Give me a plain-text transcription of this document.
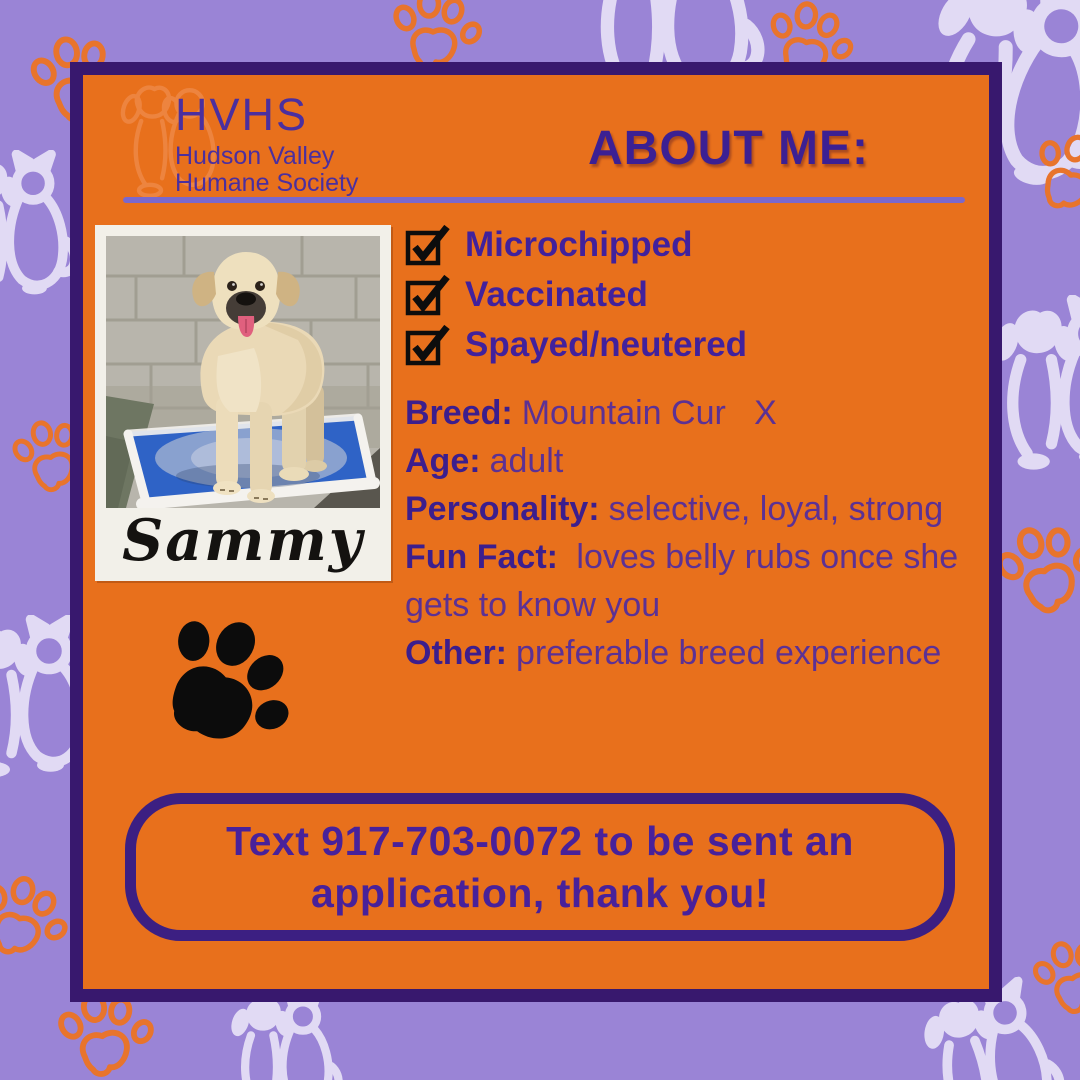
HVHS
Hudson Valley
Humane Society
ABOUT ME:
Sammy
Microchipped
Vaccinated
Spayed/neutered

Breed: Mountain Cur   X

Age: adult

Personality: selective, loyal, strong

Fun Fact: loves belly rubs once she gets to know you

Other: preferable breed experience

Text 917-703-0072 to be sent an
application, thank you!
